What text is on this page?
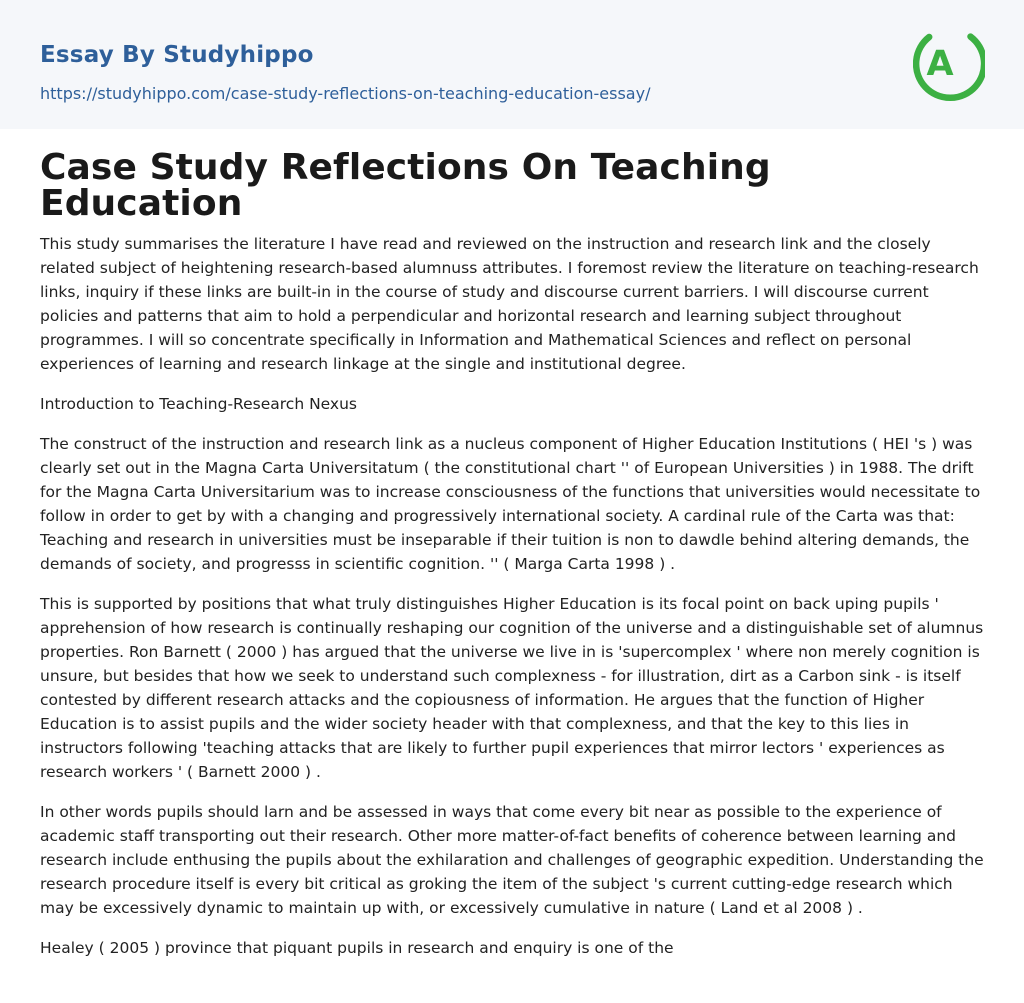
Essay By Studyhippo
https://studyhippo.com/case-study-reflections-on-teaching-education-essay/
A
Case Study Reflections On Teaching Education

This study summarises the literature I have read and reviewed on the instruction and research link and the closely related subject of heightening research-based alumnuss attributes. I foremost review the literature on teaching-research links, inquiry if these links are built-in in the course of study and discourse current barriers. I will discourse current policies and patterns that aim to hold a perpendicular and horizontal research and learning subject throughout programmes. I will so concentrate specifically in Information and Mathematical Sciences and reflect on personal experiences of learning and research linkage at the single and institutional degree.

Introduction to Teaching-Research Nexus

The construct of the instruction and research link as a nucleus component of Higher Education Institutions ( HEI 's ) was clearly set out in the Magna Carta Universitatum ( the constitutional chart '' of European Universities ) in 1988. The drift for the Magna Carta Universitarium was to increase consciousness of the functions that universities would necessitate to follow in order to get by with a changing and progressively international society. A cardinal rule of the Carta was that: Teaching and research in universities must be inseparable if their tuition is non to dawdle behind altering demands, the demands of society, and progresss in scientific cognition. '' ( Marga Carta 1998 ) .

This is supported by positions that what truly distinguishes Higher Education is its focal point on back uping pupils ' apprehension of how research is continually reshaping our cognition of the universe and a distinguishable set of alumnus properties. Ron Barnett ( 2000 ) has argued that the universe we live in is 'supercomplex ' where non merely cognition is unsure, but besides that how we seek to understand such complexness - for illustration, dirt as a Carbon sink - is itself contested by different research attacks and the copiousness of information. He argues that the function of Higher Education is to assist pupils and the wider society header with that complexness, and that the key to this lies in instructors following 'teaching attacks that are likely to further pupil experiences that mirror lectors ' experiences as research workers ' ( Barnett 2000 ) .

In other words pupils should larn and be assessed in ways that come every bit near as possible to the experience of academic staff transporting out their research. Other more matter-of-fact benefits of coherence between learning and research include enthusing the pupils about the exhilaration and challenges of geographic expedition. Understanding the research procedure itself is every bit critical as groking the item of the subject 's current cutting-edge research which may be excessively dynamic to maintain up with, or excessively cumulative in nature ( Land et al 2008 ) .

Healey ( 2005 ) province that piquant pupils in research and enquiry is one of the
